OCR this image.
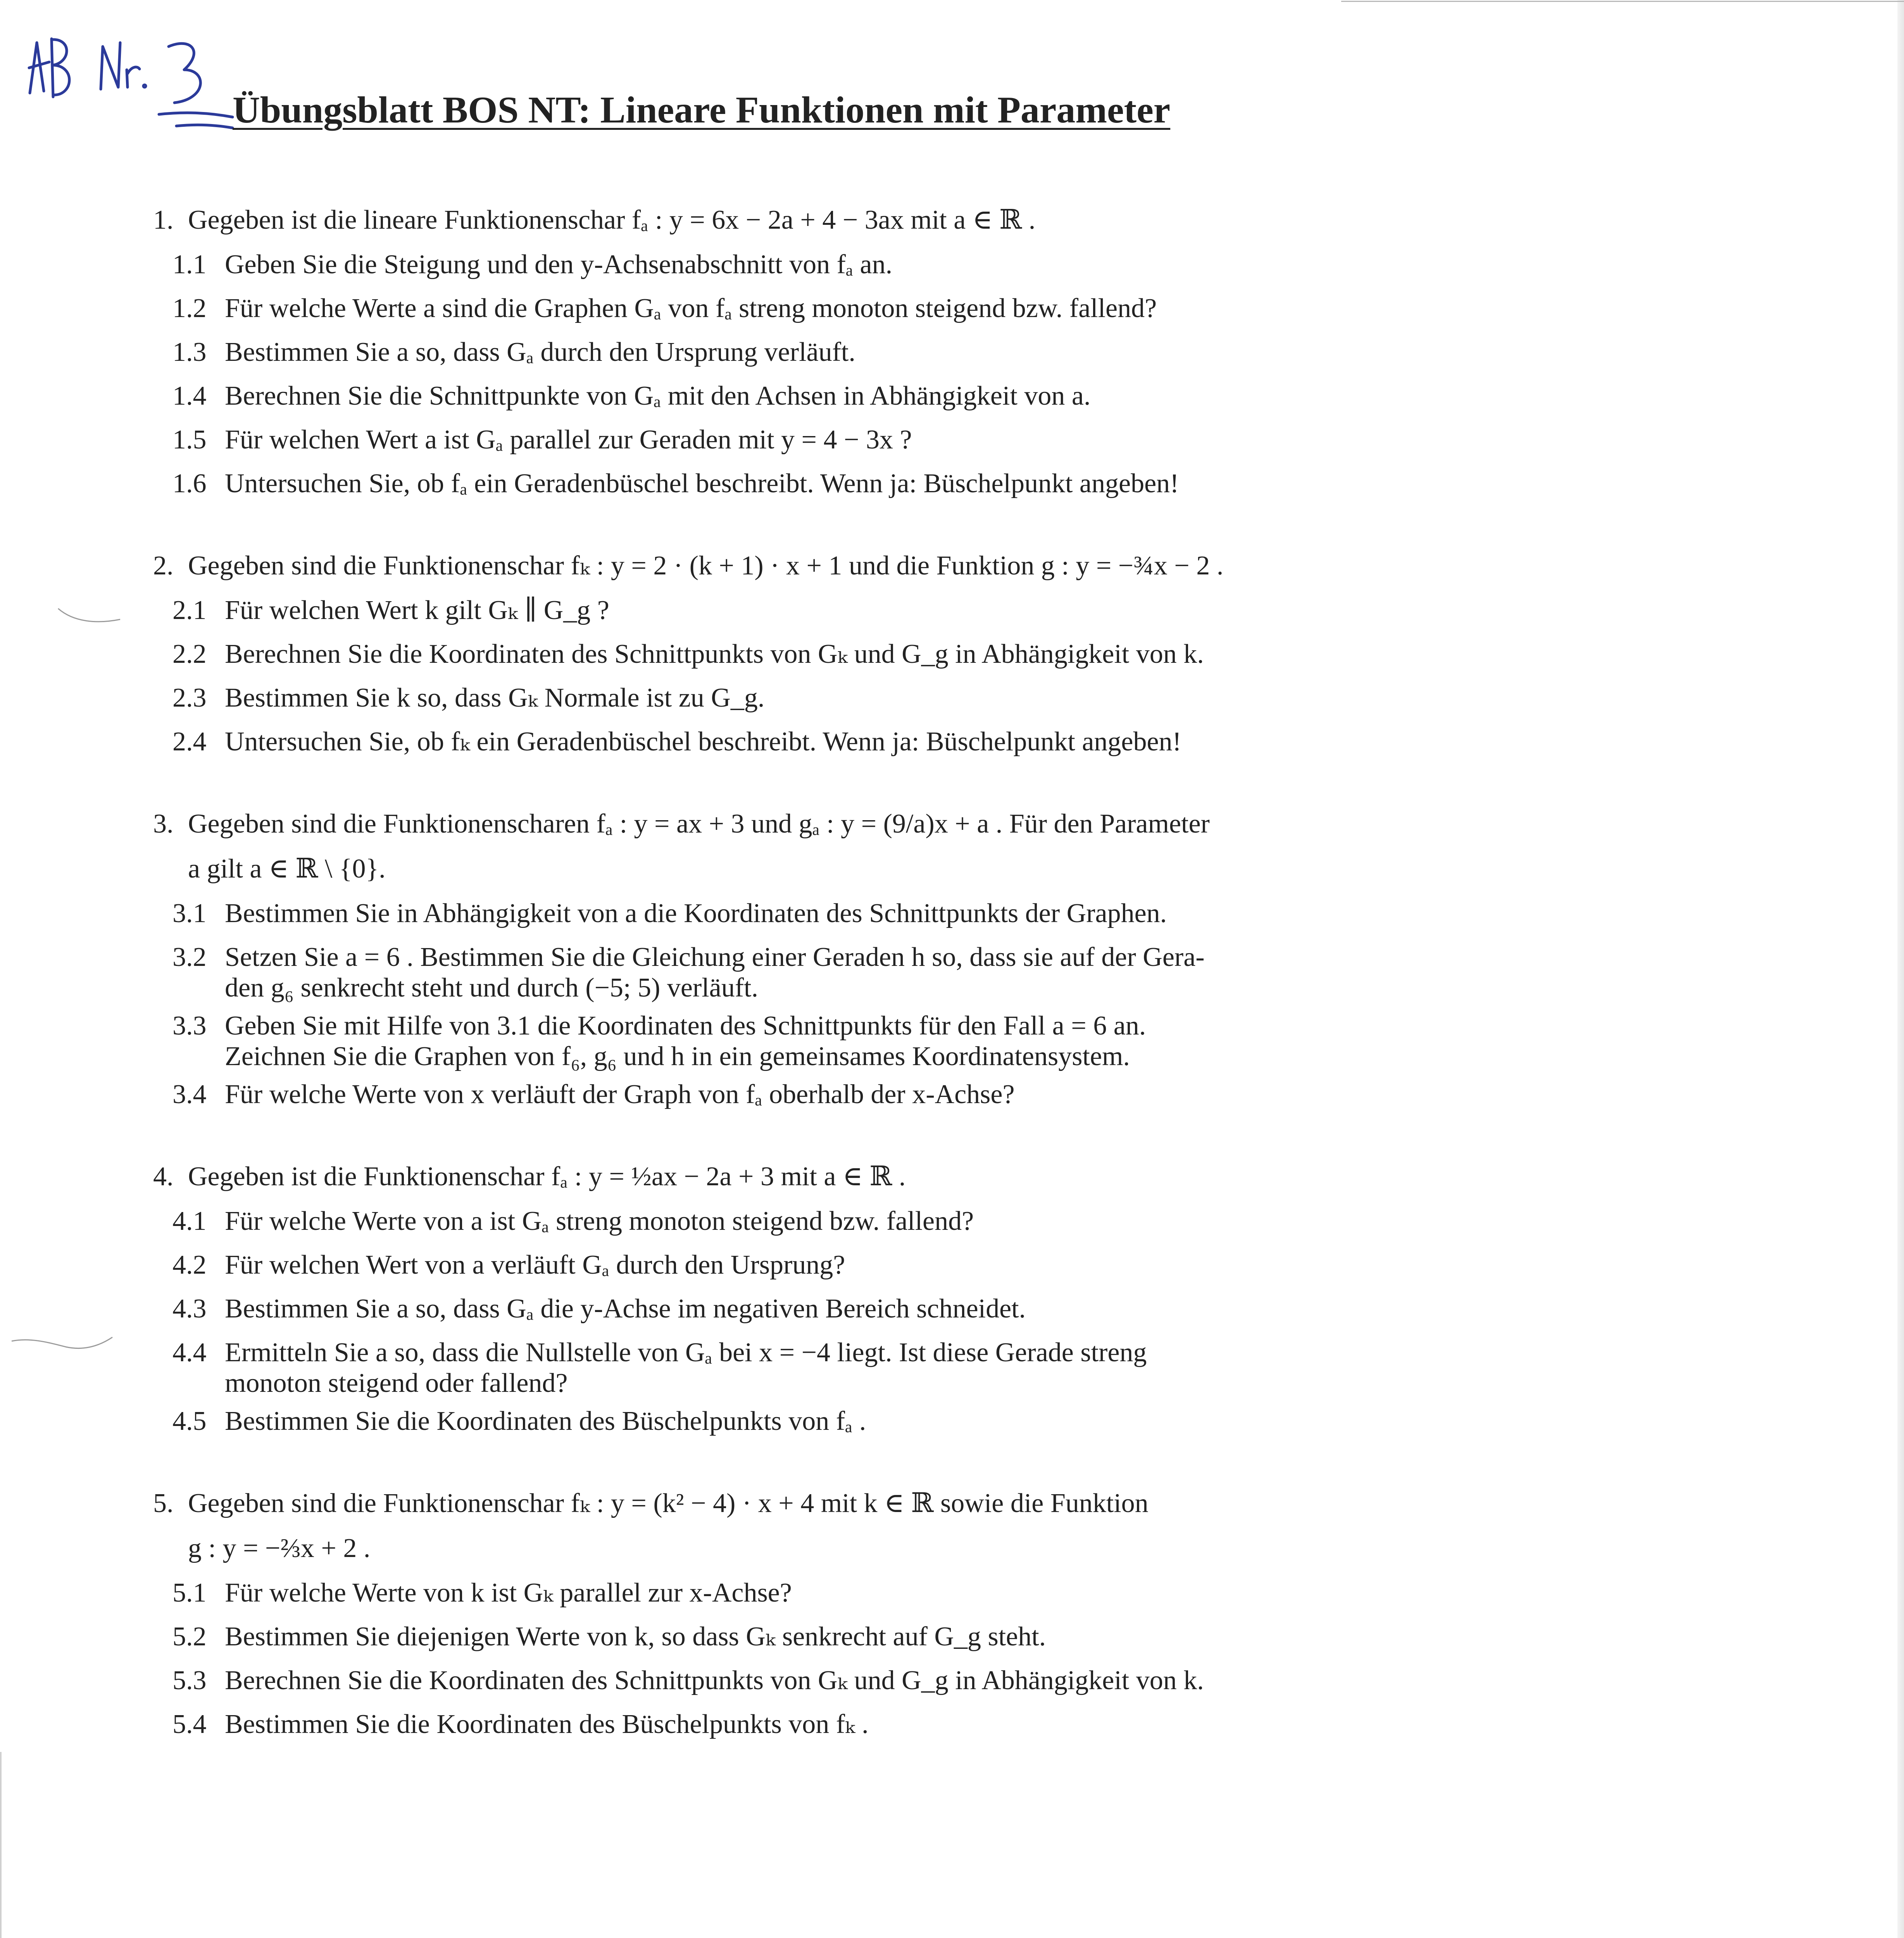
Übungsblatt BOS NT: Lineare Funktionen mit Parameter
1. Gegeben ist die lineare Funktionenschar fₐ : y = 6x − 2a + 4 − 3ax mit a ∈ ℝ .
1.1 Geben Sie die Steigung und den y-Achsenabschnitt von fₐ an.
1.2 Für welche Werte a sind die Graphen Gₐ von fₐ streng monoton steigend bzw. fallend?
1.3 Bestimmen Sie a so, dass Gₐ durch den Ursprung verläuft.
1.4 Berechnen Sie die Schnittpunkte von Gₐ mit den Achsen in Abhängigkeit von a.
1.5 Für welchen Wert a ist Gₐ parallel zur Geraden mit y = 4 − 3x ?
1.6 Untersuchen Sie, ob fₐ ein Geradenbüschel beschreibt. Wenn ja: Büschelpunkt angeben!
2. Gegeben sind die Funktionenschar fₖ : y = 2 · (k + 1) · x + 1 und die Funktion g : y = −¾x − 2 .
2.1 Für welchen Wert k gilt Gₖ ∥ G_g ?
2.2 Berechnen Sie die Koordinaten des Schnittpunkts von Gₖ und G_g in Abhängigkeit von k.
2.3 Bestimmen Sie k so, dass Gₖ Normale ist zu G_g.
2.4 Untersuchen Sie, ob fₖ ein Geradenbüschel beschreibt. Wenn ja: Büschelpunkt angeben!
3. Gegeben sind die Funktionenscharen fₐ : y = ax + 3 und gₐ : y = (9/a)x + a . Für den Parameter
a gilt a ∈ ℝ \ {0}.
3.1 Bestimmen Sie in Abhängigkeit von a die Koordinaten des Schnittpunkts der Graphen.
3.2 Setzen Sie a = 6 . Bestimmen Sie die Gleichung einer Geraden h so, dass sie auf der Gera-
den g₆ senkrecht steht und durch (−5; 5) verläuft.
3.3 Geben Sie mit Hilfe von 3.1 die Koordinaten des Schnittpunkts für den Fall a = 6 an.
Zeichnen Sie die Graphen von f₆, g₆ und h in ein gemeinsames Koordinatensystem.
3.4 Für welche Werte von x verläuft der Graph von fₐ oberhalb der x-Achse?
4. Gegeben ist die Funktionenschar fₐ : y = ½ax − 2a + 3 mit a ∈ ℝ .
4.1 Für welche Werte von a ist Gₐ streng monoton steigend bzw. fallend?
4.2 Für welchen Wert von a verläuft Gₐ durch den Ursprung?
4.3 Bestimmen Sie a so, dass Gₐ die y-Achse im negativen Bereich schneidet.
4.4 Ermitteln Sie a so, dass die Nullstelle von Gₐ bei x = −4 liegt. Ist diese Gerade streng
monoton steigend oder fallend?
4.5 Bestimmen Sie die Koordinaten des Büschelpunkts von fₐ .
5. Gegeben sind die Funktionenschar fₖ : y = (k² − 4) · x + 4 mit k ∈ ℝ sowie die Funktion
g : y = −⅔x + 2 .
5.1 Für welche Werte von k ist Gₖ parallel zur x-Achse?
5.2 Bestimmen Sie diejenigen Werte von k, so dass Gₖ senkrecht auf G_g steht.
5.3 Berechnen Sie die Koordinaten des Schnittpunkts von Gₖ und G_g in Abhängigkeit von k.
5.4 Bestimmen Sie die Koordinaten des Büschelpunkts von fₖ .
